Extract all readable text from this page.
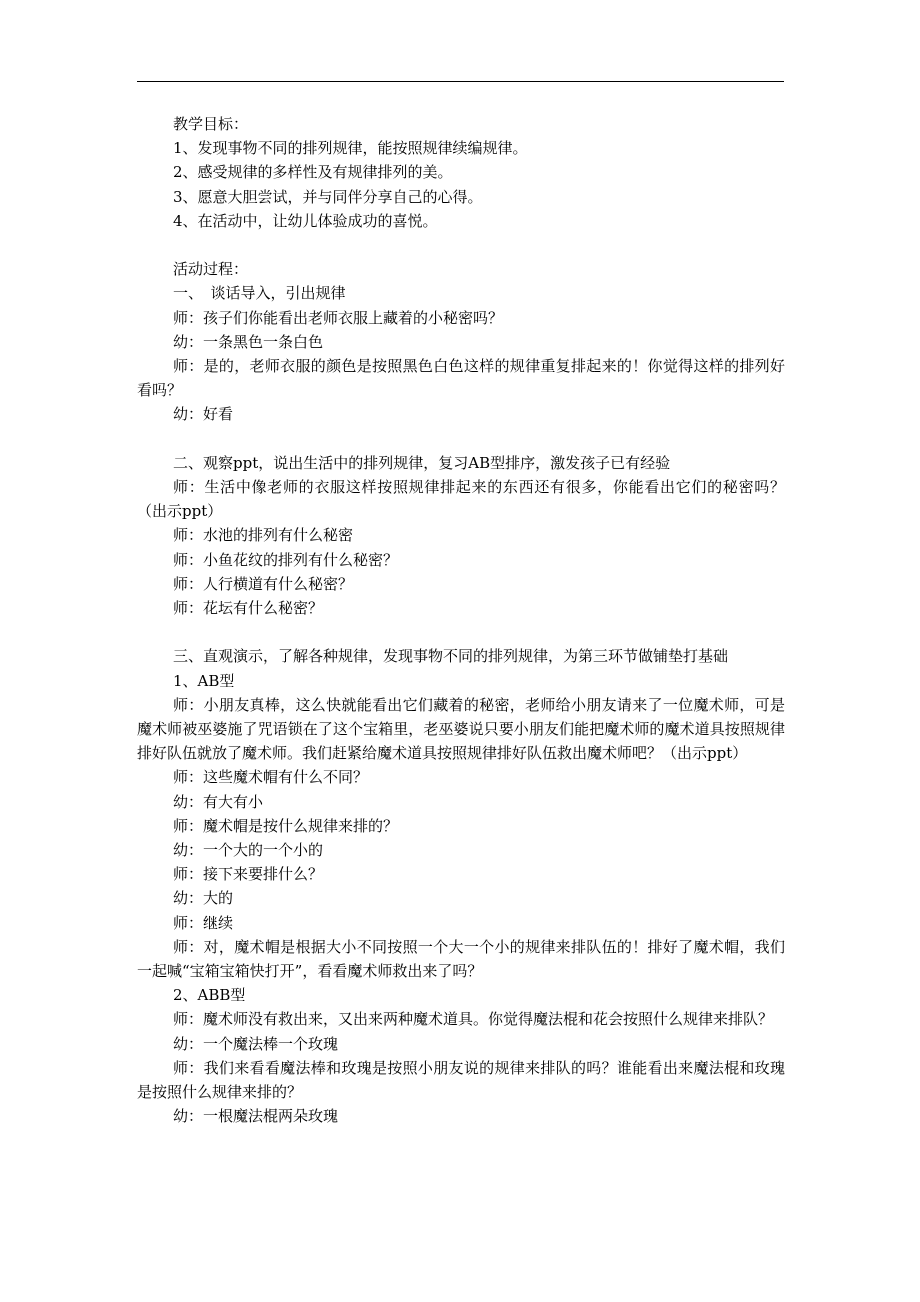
教学目标：
1、发现事物不同的排列规律，能按照规律续编规律。
2、感受规律的多样性及有规律排列的美。
3、愿意大胆尝试，并与同伴分享自己的心得。
4、在活动中，让幼儿体验成功的喜悦。
活动过程：
一、　谈话导入，引出规律
师：孩子们你能看出老师衣服上藏着的小秘密吗？
幼：一条黑色一条白色
师：是的，老师衣服的颜色是按照黑色白色这样的规律重复排起来的！你觉得这样的排列好看吗？
幼：好看
二、观察ppt，说出生活中的排列规律，复习AB型排序，激发孩子已有经验
师：生活中像老师的衣服这样按照规律排起来的东西还有很多，你能看出它们的秘密吗？（出示ppt）
师：水池的排列有什么秘密
师：小鱼花纹的排列有什么秘密？
师：人行横道有什么秘密？
师：花坛有什么秘密？
三、直观演示，了解各种规律，发现事物不同的排列规律，为第三环节做铺垫打基础
1、AB型
师：小朋友真棒，这么快就能看出它们藏着的秘密，老师给小朋友请来了一位魔术师，可是魔术师被巫婆施了咒语锁在了这个宝箱里，老巫婆说只要小朋友们能把魔术师的魔术道具按照规律排好队伍就放了魔术师。我们赶紧给魔术道具按照规律排好队伍救出魔术师吧？（出示ppt）
师：这些魔术帽有什么不同？
幼：有大有小
师：魔术帽是按什么规律来排的？
幼：一个大的一个小的
师：接下来要排什么？
幼：大的
师：继续
师：对，魔术帽是根据大小不同按照一个大一个小的规律来排队伍的！排好了魔术帽，我们一起喊“宝箱宝箱快打开”，看看魔术师救出来了吗？
2、ABB型
师：魔术师没有救出来，又出来两种魔术道具。你觉得魔法棍和花会按照什么规律来排队？
幼：一个魔法棒一个玫瑰
师：我们来看看魔法棒和玫瑰是按照小朋友说的规律来排队的吗？谁能看出来魔法棍和玫瑰是按照什么规律来排的？
幼：一根魔法棍两朵玫瑰
